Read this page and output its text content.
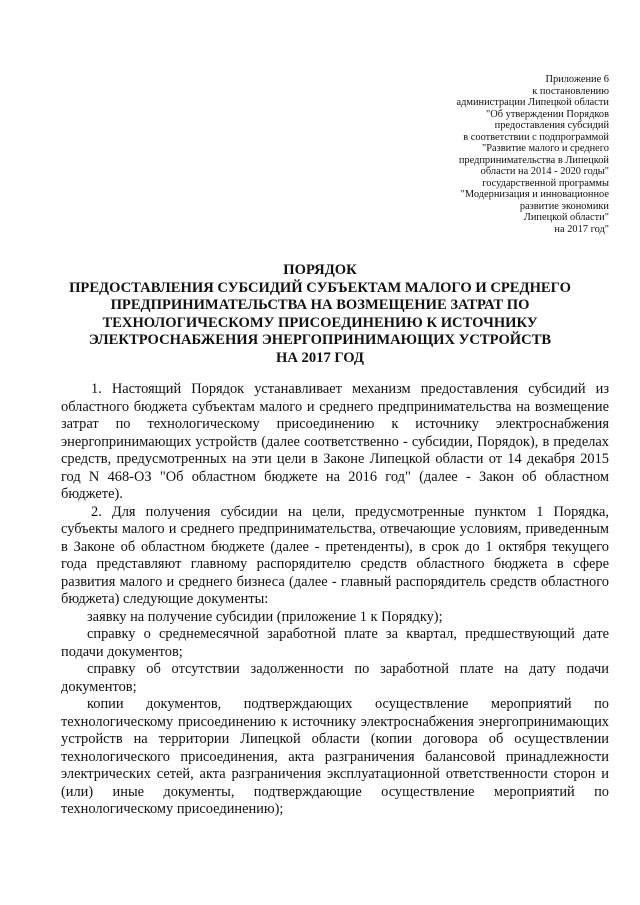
Приложение 6
к постановлению
администрации Липецкой области
"Об утверждении Порядков
предоставления субсидий
в соответствии с подпрограммой
"Развитие малого и среднего
предпринимательства в Липецкой
области на 2014 - 2020 годы"
государственной программы
"Модернизация и инновационное
развитие экономики
Липецкой области"
на 2017 год"
ПОРЯДОК
ПРЕДОСТАВЛЕНИЯ СУБСИДИЙ СУБЪЕКТАМ МАЛОГО И СРЕДНЕГО
ПРЕДПРИНИМАТЕЛЬСТВА НА ВОЗМЕЩЕНИЕ ЗАТРАТ ПО
ТЕХНОЛОГИЧЕСКОМУ ПРИСОЕДИНЕНИЮ К ИСТОЧНИКУ
ЭЛЕКТРОСНАБЖЕНИЯ ЭНЕРГОПРИНИМАЮЩИХ УСТРОЙСТВ
НА 2017 ГОД

1. Настоящий Порядок устанавливает механизм предоставления субсидий из областного бюджета субъектам малого и среднего предпринимательства на возмещение затрат по технологическому присоединению к источнику электроснабжения энергопринимающих устройств (далее соответственно - субсидии, Порядок), в пределах средств, предусмотренных на эти цели в Законе Липецкой области от 14 декабря 2015 год N 468-ОЗ "Об областном бюджете на 2016 год" (далее - Закон об областном бюджете).

2. Для получения субсидии на цели, предусмотренные пунктом 1 Порядка, субъекты малого и среднего предпринимательства, отвечающие условиям, приведенным в Законе об областном бюджете (далее - претенденты), в срок до 1 октября текущего года представляют главному распорядителю средств областного бюджета в сфере развития малого и среднего бизнеса (далее - главный распорядитель средств областного бюджета) следующие документы:

заявку на получение субсидии (приложение 1 к Порядку);

справку о среднемесячной заработной плате за квартал, предшествующий дате подачи документов;

справку об отсутствии задолженности по заработной плате на дату подачи документов;

копии документов, подтверждающих осуществление мероприятий по технологическому присоединению к источнику электроснабжения энергопринимающих устройств на территории Липецкой области (копии договора об осуществлении технологического присоединения, акта разграничения балансовой принадлежности электрических сетей, акта разграничения эксплуатационной ответственности сторон и (или) иные документы, подтверждающие осуществление мероприятий по технологическому присоединению);
